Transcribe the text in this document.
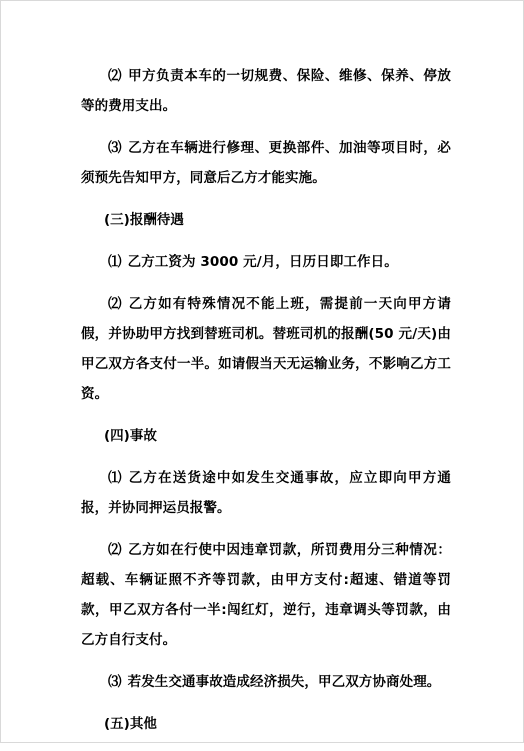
⑵ 甲方负责本车的一切规费、保险、维修、保养、停放等的费用支出。

⑶ 乙方在车辆进行修理、更换部件、加油等项目时，必须预先告知甲方，同意后乙方才能实施。

(三)报酬待遇

⑴ 乙方工资为 3000 元/月，日历日即工作日。

⑵ 乙方如有特殊情况不能上班，需提前一天向甲方请假，并协助甲方找到替班司机。替班司机的报酬(50 元/天)由甲乙双方各支付一半。如请假当天无运输业务，不影响乙方工资。

(四)事故

⑴ 乙方在送货途中如发生交通事故，应立即向甲方通报，并协同押运员报警。

⑵ 乙方如在行使中因违章罚款，所罚费用分三种情况：超载、车辆证照不齐等罚款，由甲方支付:超速、错道等罚款，甲乙双方各付一半:闯红灯，逆行，违章调头等罚款，由乙方自行支付。

⑶ 若发生交通事故造成经济损失，甲乙双方协商处理。

(五)其他
